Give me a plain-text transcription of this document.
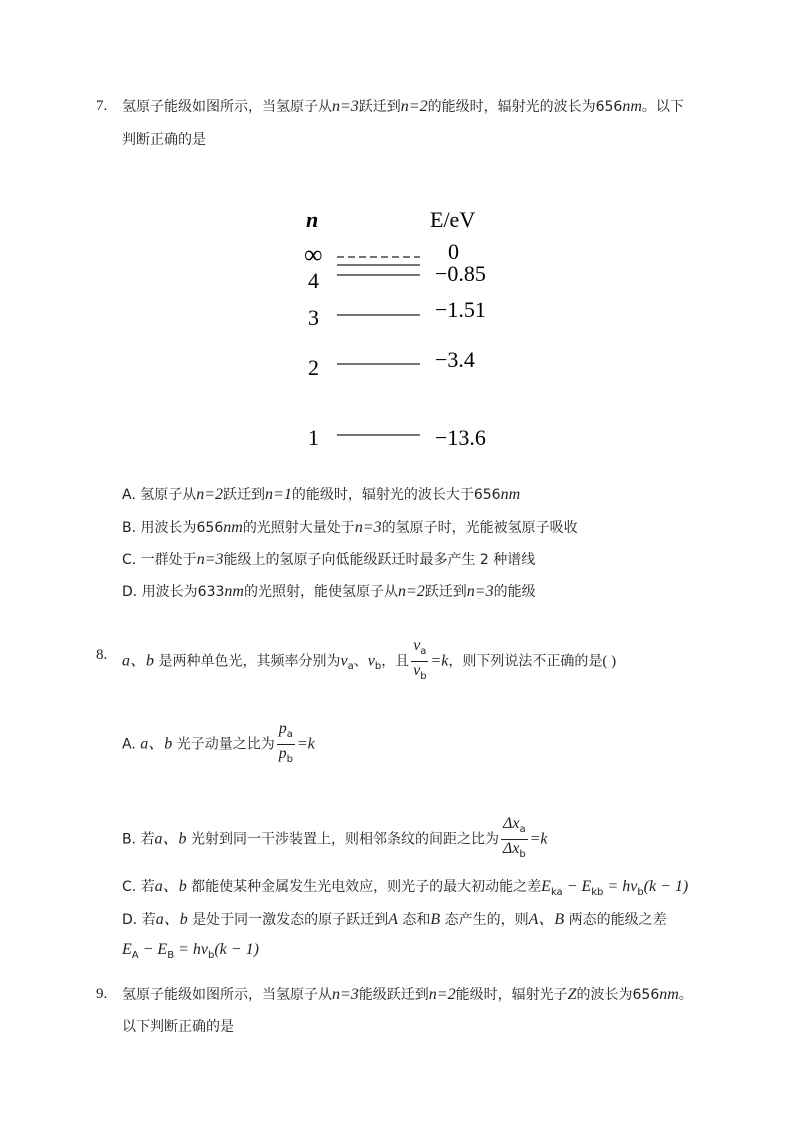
7. 氢原子能级如图所示，当氢原子从n=3跃迁到n=2的能级时，辐射光的波长为656nm。以下
判断正确的是
n	E/eV
∞	0
4	−0.85
3	−1.51
2	−3.4
1	−13.6
A. 氢原子从n=2跃迁到n=1的能级时，辐射光的波长大于656nm
B. 用波长为656nm的光照射大量处于n=3的氢原子时，光能被氢原子吸收
C. 一群处于n=3能级上的氢原子向低能级跃迁时最多产生 2 种谱线
D. 用波长为633nm的光照射，能使氢原子从n=2跃迁到n=3的能级
8. a、b 是两种单色光，其频率分别为$v_a$、$v_b$，且 $\frac{v_a}{v_b} =k$，则下列说法不正确的是( )
A. a、b 光子动量之比为 $\frac{p_a}{p_b} =k$
B. 若a、b 光射到同一干涉装置上，则相邻条纹的间距之比为 $\frac{\Delta x_a}{\Delta x_b} =k$
C. 若a、b 都能使某种金属发生光电效应，则光子的最大初动能之差$E_{ka} - E_{kb} = hv_b(k - 1)$
D. 若a、b 是处于同一激发态的原子跃迁到A 态和B 态产生的，则A、B 两态的能级之差
$E_A - E_B = hv_b(k - 1)$
9. 氢原子能级如图所示，当氢原子从n=3能级跃迁到n=2能级时，辐射光子Z的波长为656nm。
以下判断正确的是
